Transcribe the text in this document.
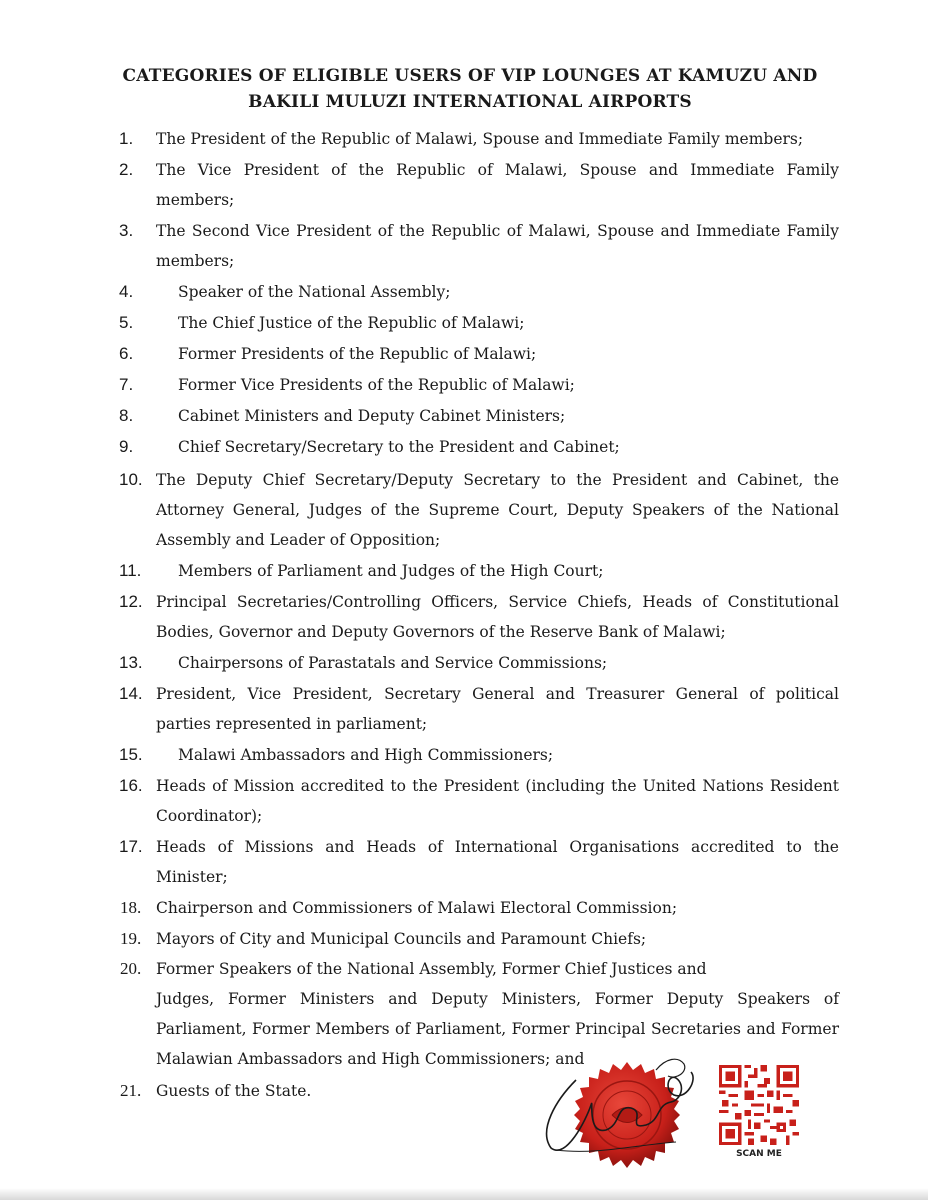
CATEGORIES OF ELIGIBLE USERS OF VIP LOUNGES AT KAMUZU AND
BAKILI MULUZI INTERNATIONAL AIRPORTS
1. The President of the Republic of Malawi, Spouse and Immediate Family members;
2. The Vice President of the Republic of Malawi, Spouse and Immediate Family members;
3. The Second Vice President of the Republic of Malawi, Spouse and Immediate Family members;
4.	Speaker of the National Assembly;
5.	The Chief Justice of the Republic of Malawi;
6.	Former Presidents of the Republic of Malawi;
7.	Former Vice Presidents of the Republic of Malawi;
8.	Cabinet Ministers and Deputy Cabinet Ministers;
9.	Chief Secretary/Secretary to the President and Cabinet;
10. The Deputy Chief Secretary/Deputy Secretary to the President and Cabinet, the Attorney General, Judges of the Supreme Court, Deputy Speakers of the National Assembly and Leader of Opposition;
11. Members of Parliament and Judges of the High Court;
12. Principal Secretaries/Controlling Officers, Service Chiefs, Heads of Constitutional Bodies, Governor and Deputy Governors of the Reserve Bank of Malawi;
13. Chairpersons of Parastatals and Service Commissions;
14. President, Vice President, Secretary General and Treasurer General of political parties represented in parliament;
15. Malawi Ambassadors and High Commissioners;
16. Heads of Mission accredited to the President (including the United Nations Resident Coordinator);
17. Heads of Missions and Heads of International Organisations accredited to the Minister;
18. Chairperson and Commissioners of Malawi Electoral Commission;
19. Mayors of City and Municipal Councils and Paramount Chiefs;
20. Former Speakers of the National Assembly, Former Chief Justices and
Judges, Former Ministers and Deputy Ministers, Former Deputy Speakers of Parliament, Former Members of Parliament, Former Principal Secretaries and Former Malawian Ambassadors and High Commissioners; and
21. Guests of the State.
SCAN ME
